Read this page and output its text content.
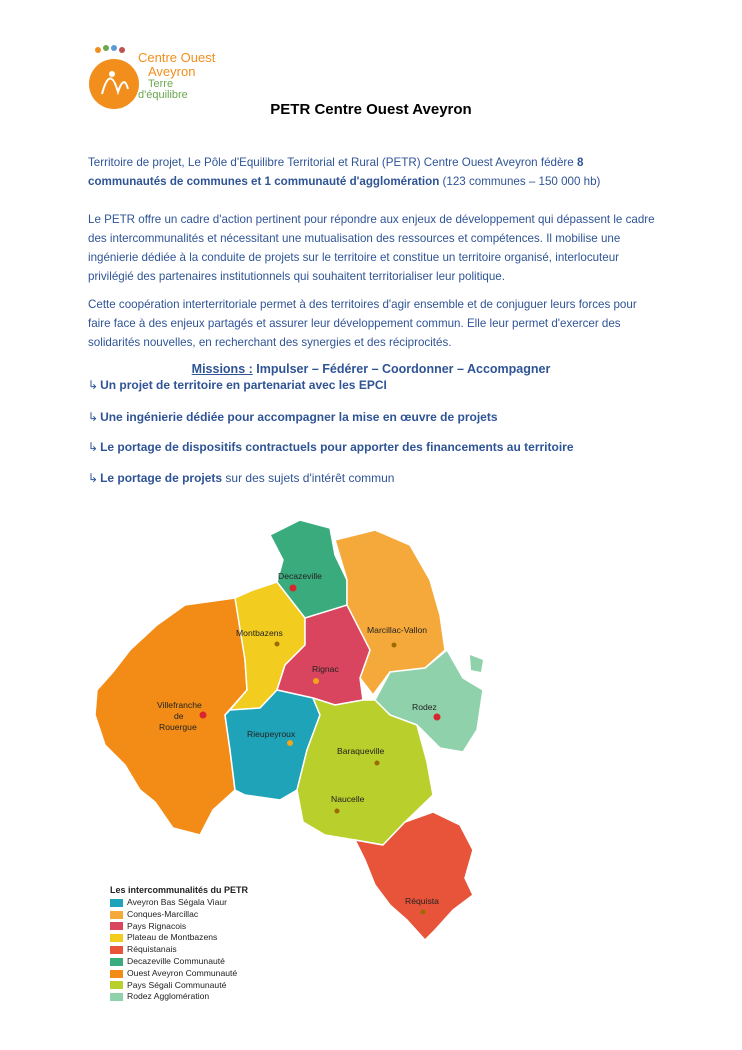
Centre Ouest
Aveyron
Terre
d'équilibre
PETR Centre Ouest Aveyron
Territoire de projet, Le Pôle d'Equilibre Territorial et Rural (PETR) Centre Ouest Aveyron fédère 8 communautés de communes et 1 communauté d'agglomération (123 communes – 150 000 hb)
Le PETR offre un cadre d'action pertinent pour répondre aux enjeux de développement qui dépassent le cadre des intercommunalités et nécessitant une mutualisation des ressources et compétences. Il mobilise une ingénierie dédiée à la conduite de projets sur le territoire et constitue un territoire organisé, interlocuteur privilégié des partenaires institutionnels qui souhaitent territorialiser leur politique.
Cette coopération interterritoriale permet à des territoires d'agir ensemble et de conjuguer leurs forces pour faire face à des enjeux partagés et assurer leur développement commun. Elle leur permet d'exercer des solidarités nouvelles, en recherchant des synergies et des réciprocités.
Missions : Impulser – Fédérer – Coordonner – Accompagner
↳ Un projet de territoire en partenariat avec les EPCI
↳ Une ingénierie dédiée pour accompagner la mise en œuvre de projets
↳ Le portage de dispositifs contractuels pour apporter des financements au territoire
↳ Le portage de projets sur des sujets d'intérêt commun
Decazeville
Montbazens	Marcillac-Vallon
Rignac
Villefranche
de
Rouergue
Rieupeyroux
Rodez
Baraqueville
Naucelle
Réquista
Les intercommunalités du PETR
Aveyron Bas Ségala Viaur
Conques-Marcillac
Pays Rignacois
Plateau de Montbazens
Réquistanais
Decazeville Communauté
Ouest Aveyron Communauté
Pays Ségali Communauté
Rodez Agglomération
